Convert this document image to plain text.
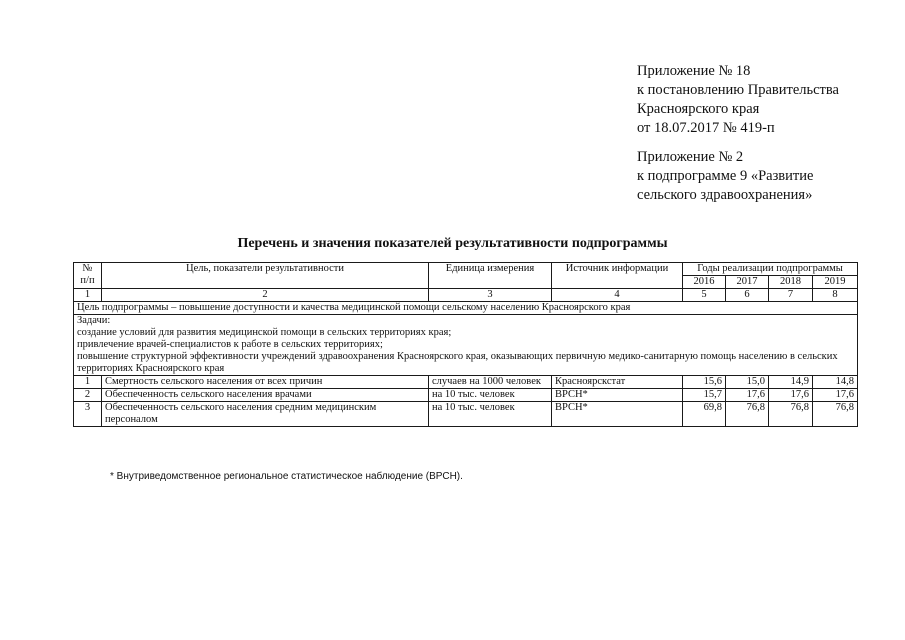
Приложение № 18
к постановлению Правительства
Красноярского края
от 18.07.2017 № 419-п
Приложение № 2
к подпрограмме 9 «Развитие
сельского здравоохранения»
Перечень и значения показателей результативности подпрограммы
№ п/п	Цель, показатели результативности	Единица измерения	Источник информации	Годы реализации подпрограммы			
				2016	2017	2018	2019
1	2	3	4	5	6	7	8
Цель подпрограммы – повышение доступности и качества медицинской помощи сельскому населению Красноярского края							

Задачи:
создание условий для развития медицинской помощи в сельских территориях края;
привлечение врачей-специалистов к работе в сельских территориях;
повышение структурной эффективности учреждений здравоохранения Красноярского края, оказывающих первичную медико-санитарную помощь населению в сельских территориях Красноярского края							

1	Смертность сельского населения от всех причин	случаев на 1000 человек	Красноярскстат	15,6	15,0	14,9	14,8
2	Обеспеченность сельского населения врачами	на 10 тыс. человек	ВРСН*	15,7	17,6	17,6	17,6
3	Обеспеченность сельского населения средним медицинским персоналом	на 10 тыс. человек	ВРСН*	69,8	76,8	76,8	76,8
* Внутриведомственное региональное статистическое наблюдение (ВРСН).
